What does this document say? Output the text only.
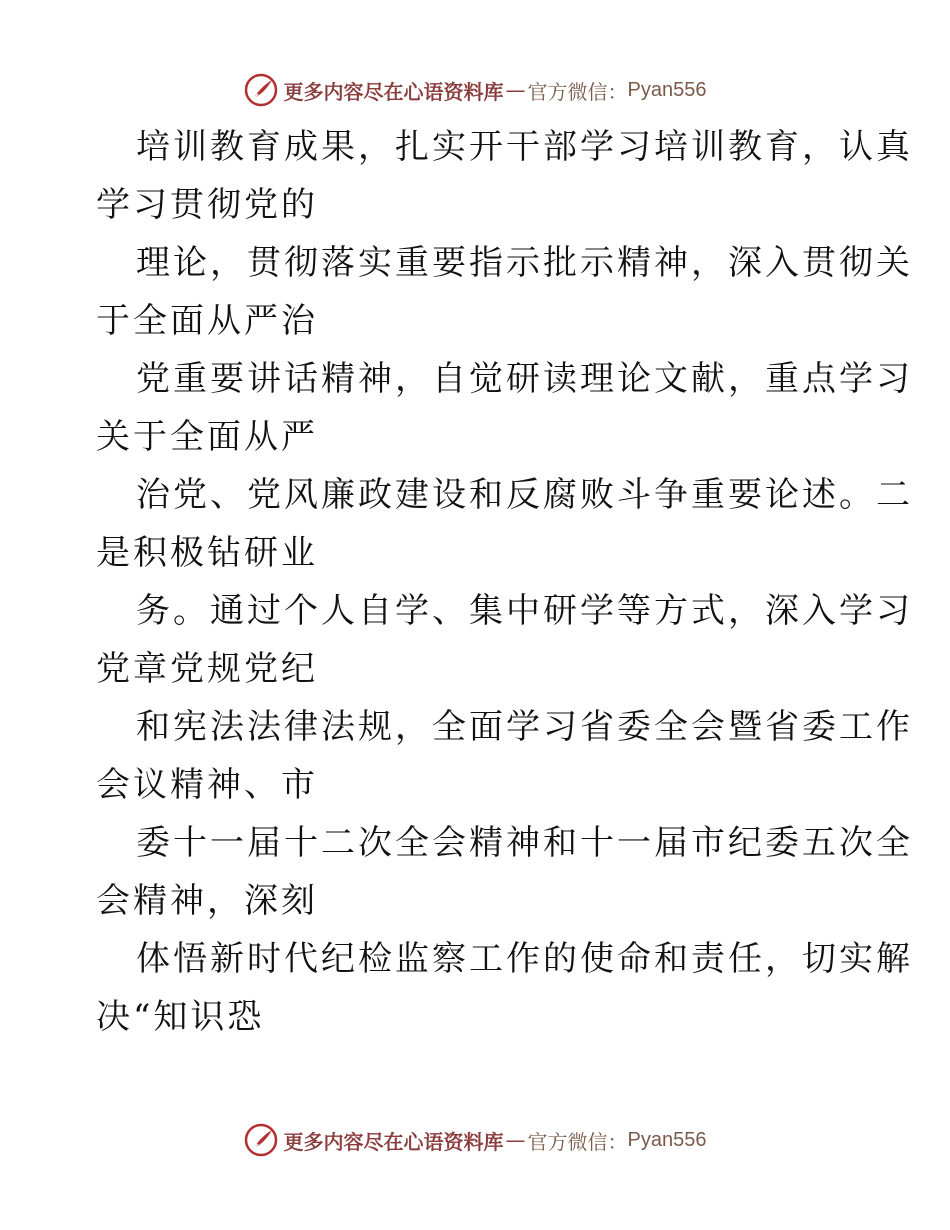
更多内容尽在心语资料库 — 官方微信： Pyan556

培训教育成果，扎实开干部学习培训教育，认真

学习贯彻党的

理论，贯彻落实重要指示批示精神，深入贯彻关

于全面从严治

党重要讲话精神，自觉研读理论文献，重点学习

关于全面从严

治党、党风廉政建设和反腐败斗争重要论述。二

是积极钻研业

务。通过个人自学、集中研学等方式，深入学习

党章党规党纪

和宪法法律法规，全面学习省委全会暨省委工作

会议精神、市

委十一届十二次全会精神和十一届市纪委五次全

会精神，深刻

体悟新时代纪检监察工作的使命和责任，切实解

决“知识恐

更多内容尽在心语资料库 — 官方微信： Pyan556
